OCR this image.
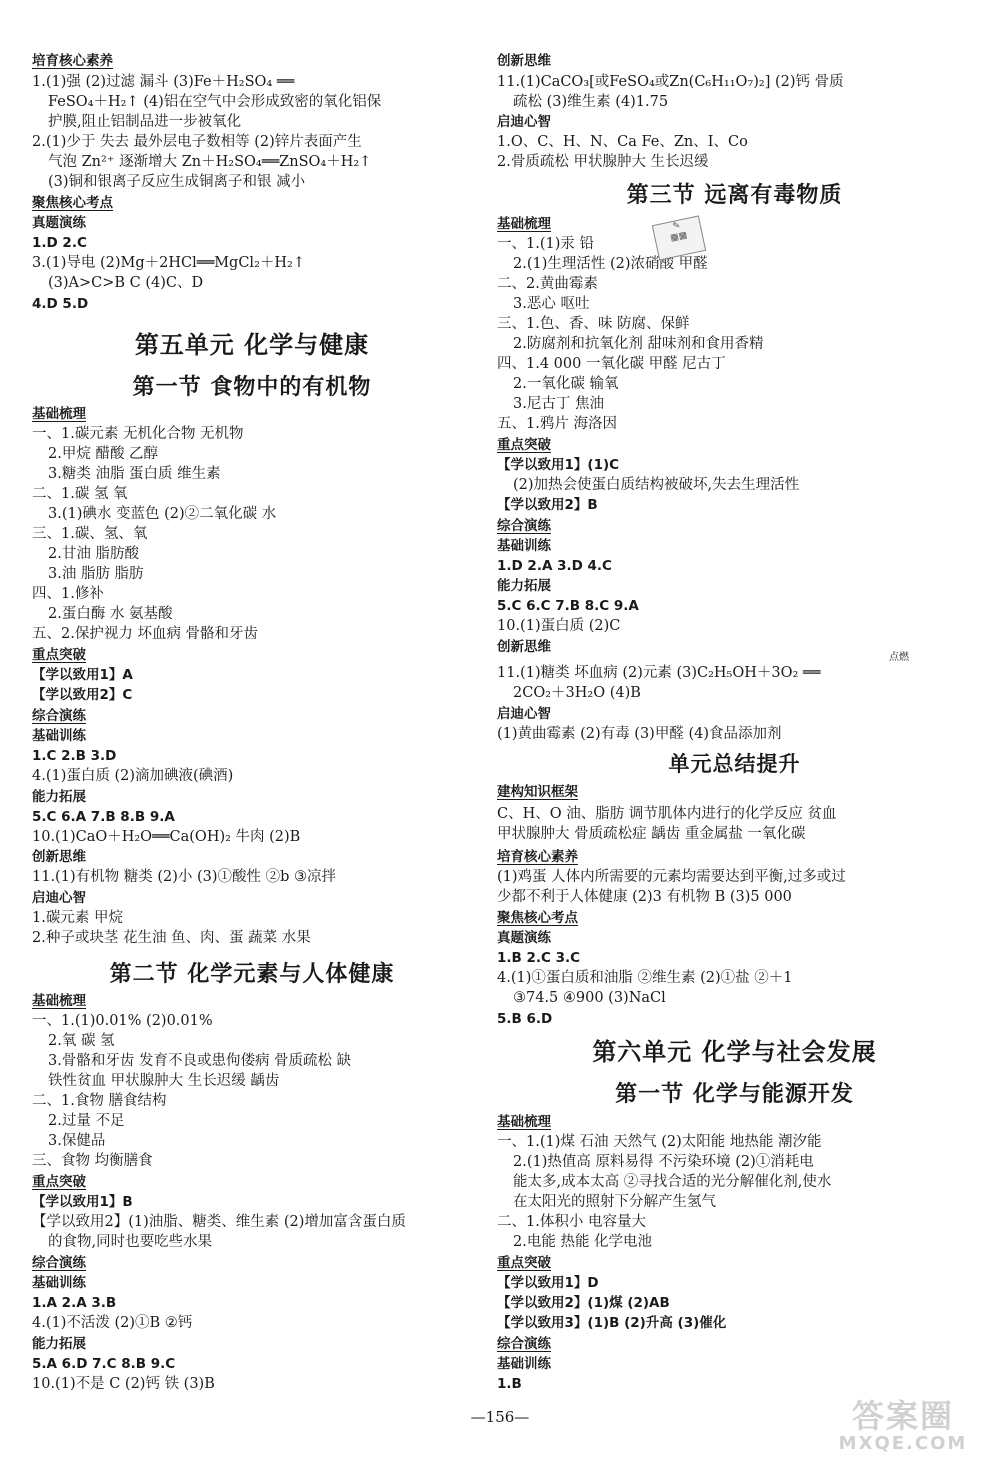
培育核心素养
1.(1)强 (2)过滤 漏斗 (3)Fe＋H₂SO₄ ══
FeSO₄＋H₂↑ (4)铝在空气中会形成致密的氧化铝保
护膜,阻止铝制品进一步被氧化
2.(1)少于 失去 最外层电子数相等 (2)锌片表面产生
气泡 Zn²⁺ 逐渐增大 Zn＋H₂SO₄══ZnSO₄＋H₂↑
(3)铜和银离子反应生成铜离子和银 减小
聚焦核心考点
真题演练
1.D 2.C
3.(1)导电 (2)Mg＋2HCl══MgCl₂＋H₂↑
(3)A>C>B C (4)C、D
4.D 5.D
第五单元 化学与健康
第一节 食物中的有机物
基础梳理
一、1.碳元素 无机化合物 无机物
2.甲烷 醋酸 乙醇
3.糖类 油脂 蛋白质 维生素
二、1.碳 氢 氧
3.(1)碘水 变蓝色 (2)②二氧化碳 水
三、1.碳、氢、氧
2.甘油 脂肪酸
3.油 脂肪 脂肪
四、1.修补
2.蛋白酶 水 氨基酸
五、2.保护视力 坏血病 骨骼和牙齿
重点突破
【学以致用1】A
【学以致用2】C
综合演练
基础训练
1.C 2.B 3.D
4.(1)蛋白质 (2)滴加碘液(碘酒)
能力拓展
5.C 6.A 7.B 8.B 9.A
10.(1)CaO＋H₂O══Ca(OH)₂ 牛肉 (2)B
创新思维
11.(1)有机物 糖类 (2)小 (3)①酸性 ②b ③凉拌
启迪心智
1.碳元素 甲烷
2.种子或块茎 花生油 鱼、肉、蛋 蔬菜 水果
第二节 化学元素与人体健康
基础梳理
一、1.(1)0.01% (2)0.01%
2.氧 碳 氢
3.骨骼和牙齿 发育不良或患佝偻病 骨质疏松 缺
铁性贫血 甲状腺肿大 生长迟缓 龋齿
二、1.食物 膳食结构
2.过量 不足
3.保健品
三、食物 均衡膳食
重点突破
【学以致用1】B
【学以致用2】(1)油脂、糖类、维生素 (2)增加富含蛋白质
的食物,同时也要吃些水果
综合演练
基础训练
1.A 2.A 3.B
4.(1)不活泼 (2)①B ②钙
能力拓展
5.A 6.D 7.C 8.B 9.C
10.(1)不是 C (2)钙 铁 (3)B
创新思维
11.(1)CaCO₃[或FeSO₄或Zn(C₆H₁₁O₇)₂] (2)钙 骨质
疏松 (3)维生素 (4)1.75
启迪心智
1.O、C、H、N、Ca Fe、Zn、I、Co
2.骨质疏松 甲状腺肿大 生长迟缓
第三节 远离有毒物质
基础梳理
一、1.(1)汞 铅
2.(1)生理活性 (2)浓硝酸 甲醛
二、2.黄曲霉素
3.恶心 呕吐
三、1.色、香、味 防腐、保鲜
2.防腐剂和抗氧化剂 甜味剂和食用香精
四、1.4 000 一氧化碳 甲醛 尼古丁
2.一氧化碳 输氧
3.尼古丁 焦油
五、1.鸦片 海洛因
重点突破
【学以致用1】(1)C
(2)加热会使蛋白质结构被破坏,失去生理活性
【学以致用2】B
综合演练
基础训练
1.D 2.A 3.D 4.C
能力拓展
5.C 6.C 7.B 8.C 9.A
10.(1)蛋白质 (2)C
创新思维
11.(1)糖类 坏血病 (2)元素 (3)C₂H₅OH＋3O₂ ══
2CO₂＋3H₂O (4)B
启迪心智
(1)黄曲霉素 (2)有毒 (3)甲醛 (4)食品添加剂
单元总结提升
建构知识框架
C、H、O 油、脂肪 调节肌体内进行的化学反应 贫血
甲状腺肿大 骨质疏松症 龋齿 重金属盐 一氧化碳
培育核心素养
(1)鸡蛋 人体内所需要的元素均需要达到平衡,过多或过
少都不利于人体健康 (2)3 有机物 B (3)5 000
聚焦核心考点
真题演练
1.B 2.C 3.C
4.(1)①蛋白质和油脂 ②维生素 (2)①盐 ②＋1
③74.5 ④900 (3)NaCl
5.B 6.D
第六单元 化学与社会发展
第一节 化学与能源开发
基础梳理
一、1.(1)煤 石油 天然气 (2)太阳能 地热能 潮汐能
2.(1)热值高 原料易得 不污染环境 (2)①消耗电
能太多,成本太高 ②寻找合适的光分解催化剂,使水
在太阳光的照射下分解产生氢气
二、1.体积小 电容量大
2.电能 热能 化学电池
重点突破
【学以致用1】D
【学以致用2】(1)煤 (2)AB
【学以致用3】(1)B (2)升高 (3)催化
综合演练
基础训练
1.B
点燃
✎
▦▦
—156—	答案圈
MXQE.COM
